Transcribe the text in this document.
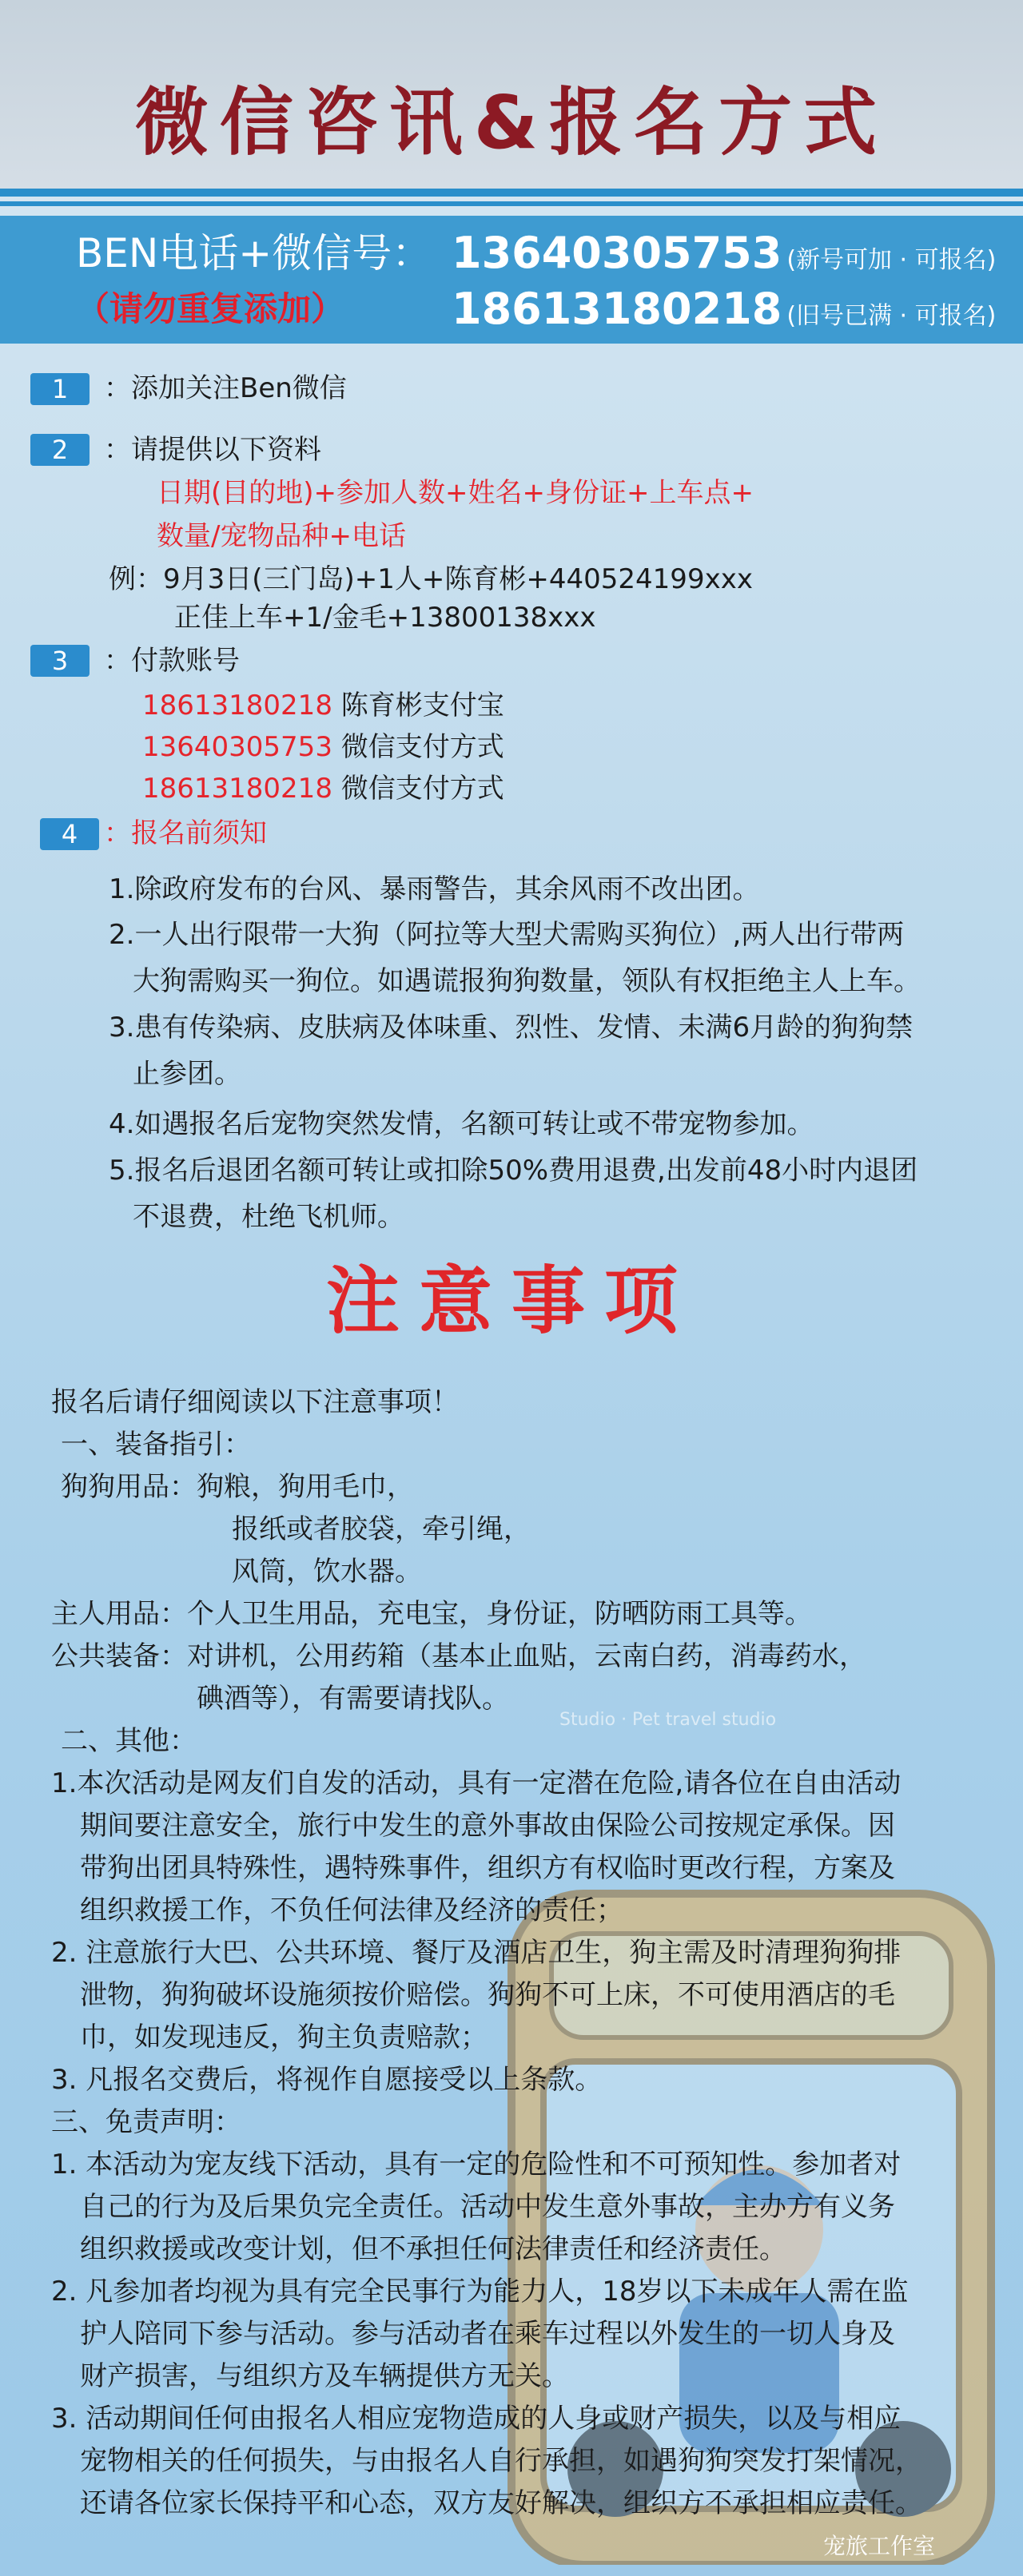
微信咨讯&报名方式
BEN电话+微信号：
（请勿重复添加）
13640305753 (新号可加 · 可报名)
18613180218 (旧号已满 · 可报名)
1	：添加关注Ben微信
2	：请提供以下资料
日期(目的地)+参加人数+姓名+身份证+上车点+
数量/宠物品种+电话
例：9月3日(三门岛)+1人+陈育彬+440524199xxx
正佳上车+1/金毛+13800138xxx
3	：付款账号
18613180218 陈育彬支付宝
13640305753 微信支付方式
18613180218 微信支付方式
4 ：报名前须知
1.除政府发布的台风、暴雨警告，其余风雨不改出团。
2.一人出行限带一大狗（阿拉等大型犬需购买狗位）,两人出行带两
大狗需购买一狗位。如遇谎报狗狗数量，领队有权拒绝主人上车。
3.患有传染病、皮肤病及体味重、烈性、发情、未满6月龄的狗狗禁
止参团。
4.如遇报名后宠物突然发情，名额可转让或不带宠物参加。
5.报名后退团名额可转让或扣除50%费用退费,出发前48小时内退团
不退费，杜绝飞机师。
注意事项
Studio · Pet travel studio
报名后请仔细阅读以下注意事项！
一、装备指引：
狗狗用品：狗粮，狗用毛巾，
报纸或者胶袋，牵引绳，
风筒，饮水器。
主人用品：个人卫生用品，充电宝，身份证，防晒防雨工具等。
公共装备：对讲机，公用药箱（基本止血贴，云南白药，消毒药水，
碘酒等），有需要请找队。
二、其他：
1.本次活动是网友们自发的活动，具有一定潜在危险,请各位在自由活动
期间要注意安全，旅行中发生的意外事故由保险公司按规定承保。因
带狗出团具特殊性，遇特殊事件，组织方有权临时更改行程，方案及
组织救援工作，不负任何法律及经济的责任；
2. 注意旅行大巴、公共环境、餐厅及酒店卫生，狗主需及时清理狗狗排
泄物，狗狗破坏设施须按价赔偿。狗狗不可上床，不可使用酒店的毛
巾，如发现违反，狗主负责赔款；
3. 凡报名交费后，将视作自愿接受以上条款。
三、免责声明：
1. 本活动为宠友线下活动，具有一定的危险性和不可预知性。参加者对
自己的行为及后果负完全责任。活动中发生意外事故，主办方有义务
组织救援或改变计划，但不承担任何法律责任和经济责任。
2. 凡参加者均视为具有完全民事行为能力人，18岁以下未成年人需在监
护人陪同下参与活动。参与活动者在乘车过程以外发生的一切人身及
财产损害，与组织方及车辆提供方无关。
3. 活动期间任何由报名人相应宠物造成的人身或财产损失，以及与相应
宠物相关的任何损失，与由报名人自行承担，如遇狗狗突发打架情况，
还请各位家长保持平和心态，双方友好解决，组织方不承担相应责任。
宠旅工作室
